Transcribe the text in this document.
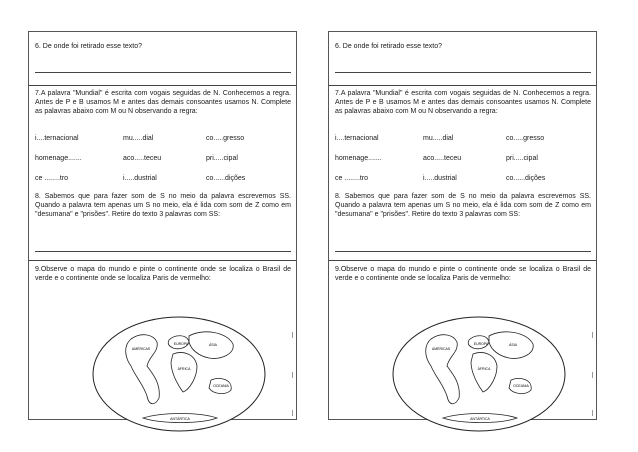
6. De onde foi retirado esse texto?
7.A palavra "Mundial" é escrita com vogais seguidas de N. Conhecemos a regra. Antes de P e B usamos M e antes das demais consoantes usamos N. Complete as palavras abaixo com M ou N observando a regra:
i....ternacional	mu.....dial	co.....gresso
homenage.......	aco.....teceu	pri.....cipal
ce ........tro	i.....dustrial	co......dições
8. Sabemos que para fazer som de S no meio da palavra escrevemos SS. Quando a palavra tem apenas um S no meio, ela é lida com som de Z como em "desumana" e "prisões". Retire do texto 3 palavras com SS:
9.Observe o mapa do mundo e pinte o continente onde se localiza o Brasil de verde e o continente onde se localiza Paris de vermelho:
EUROPA	ÁSIA
AMÉRICAS
ÁFRICA
OCEANIA
ANTÁRTICA
6. De onde foi retirado esse texto?
7.A palavra "Mundial" é escrita com vogais seguidas de N. Conhecemos a regra. Antes de P e B usamos M e antes das demais consoantes usamos N. Complete as palavras abaixo com M ou N observando a regra:
i....ternacional	mu.....dial	co.....gresso
homenage.......	aco.....teceu	pri.....cipal
ce ........tro	i.....dustrial	co......dições
8. Sabemos que para fazer som de S no meio da palavra escrevemos SS. Quando a palavra tem apenas um S no meio, ela é lida com som de Z como em "desumana" e "prisões". Retire do texto 3 palavras com SS:
9.Observe o mapa do mundo e pinte o continente onde se localiza o Brasil de verde e o continente onde se localiza Paris de vermelho:
EUROPA	ÁSIA
AMÉRICAS
ÁFRICA
OCEANIA
ANTÁRTICA
